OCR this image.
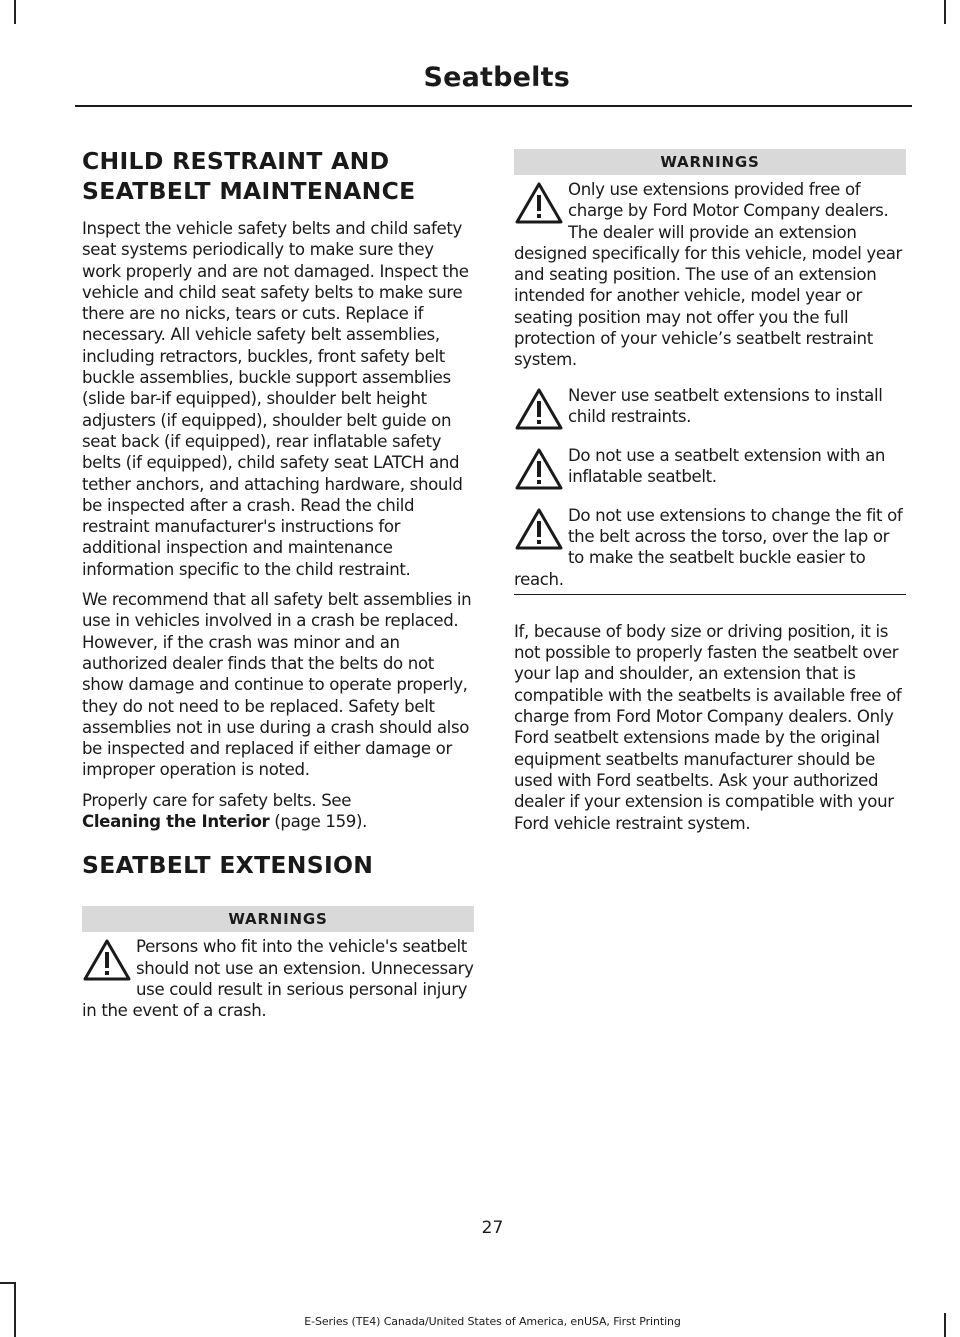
Seatbelts
CHILD RESTRAINT AND
SEATBELT MAINTENANCE

Inspect the vehicle safety belts and child safety seat systems periodically to make sure they work properly and are not damaged. Inspect the vehicle and child seat safety belts to make sure there are no nicks, tears or cuts. Replace if necessary. All vehicle safety belt assemblies, including retractors, buckles, front safety belt buckle assemblies, buckle support assemblies (slide bar-if equipped), shoulder belt height adjusters (if equipped), shoulder belt guide on seat back (if equipped), rear inflatable safety belts (if equipped), child safety seat LATCH and tether anchors, and attaching hardware, should be inspected after a crash. Read the child restraint manufacturer's instructions for additional inspection and maintenance information specific to the child restraint.

We recommend that all safety belt assemblies in use in vehicles involved in a crash be replaced. However, if the crash was minor and an authorized dealer finds that the belts do not show damage and continue to operate properly, they do not need to be replaced. Safety belt assemblies not in use during a crash should also be inspected and replaced if either damage or improper operation is noted.

Properly care for safety belts. See
Cleaning the Interior (page 159).

SEATBELT EXTENSION
WARNINGS
Persons who fit into the vehicle's seatbelt should not use an extension. Unnecessary use could result in serious personal injury in the event of a crash.
WARNINGS
Only use extensions provided free of charge by Ford Motor Company dealers. The dealer will provide an extension designed specifically for this vehicle, model year and seating position. The use of an extension intended for another vehicle, model year or seating position may not offer you the full protection of your vehicle’s seatbelt restraint system.
Never use seatbelt extensions to install child restraints.
Do not use a seatbelt extension with an inflatable seatbelt.
Do not use extensions to change the fit of the belt across the torso, over the lap or to make the seatbelt buckle easier to reach.

If, because of body size or driving position, it is not possible to properly fasten the seatbelt over your lap and shoulder, an extension that is compatible with the seatbelts is available free of charge from Ford Motor Company dealers. Only Ford seatbelt extensions made by the original equipment seatbelts manufacturer should be used with Ford seatbelts. Ask your authorized dealer if your extension is compatible with your Ford vehicle restraint system.

27
E-Series (TE4) Canada/United States of America, enUSA, First Printing
